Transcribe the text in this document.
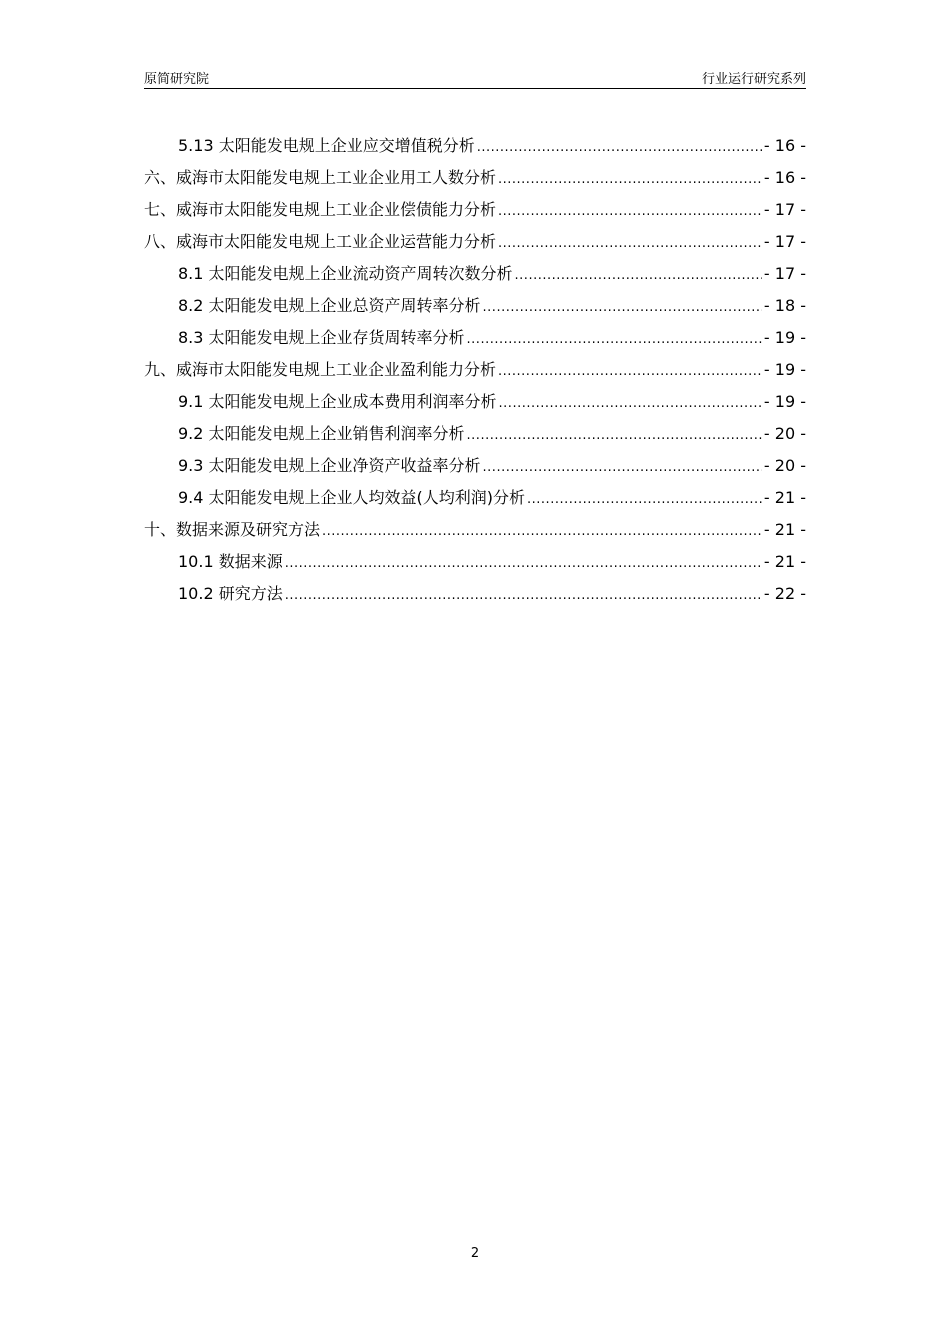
原简研究院	行业运行研究系列
5.13 太阳能发电规上企业应交增值税分析 .....	- 16 -
六、威海市太阳能发电规上工业企业用工人数分析 .....	- 16 -
七、威海市太阳能发电规上工业企业偿债能力分析 .....	- 17 -
八、威海市太阳能发电规上工业企业运营能力分析 .....	- 17 -
8.1 太阳能发电规上企业流动资产周转次数分析 .....	- 17 -
8.2 太阳能发电规上企业总资产周转率分析 .....	- 18 -
8.3 太阳能发电规上企业存货周转率分析 .....	- 19 -
九、威海市太阳能发电规上工业企业盈利能力分析 .....	- 19 -
9.1 太阳能发电规上企业成本费用利润率分析 .....	- 19 -
9.2 太阳能发电规上企业销售利润率分析 .....	- 20 -
9.3 太阳能发电规上企业净资产收益率分析 .....	- 20 -
9.4 太阳能发电规上企业人均效益(人均利润)分析 .....	- 21 -
十、数据来源及研究方法 .....	- 21 -
10.1 数据来源 .....	- 21 -
10.2 研究方法 .....	- 22 -
2
